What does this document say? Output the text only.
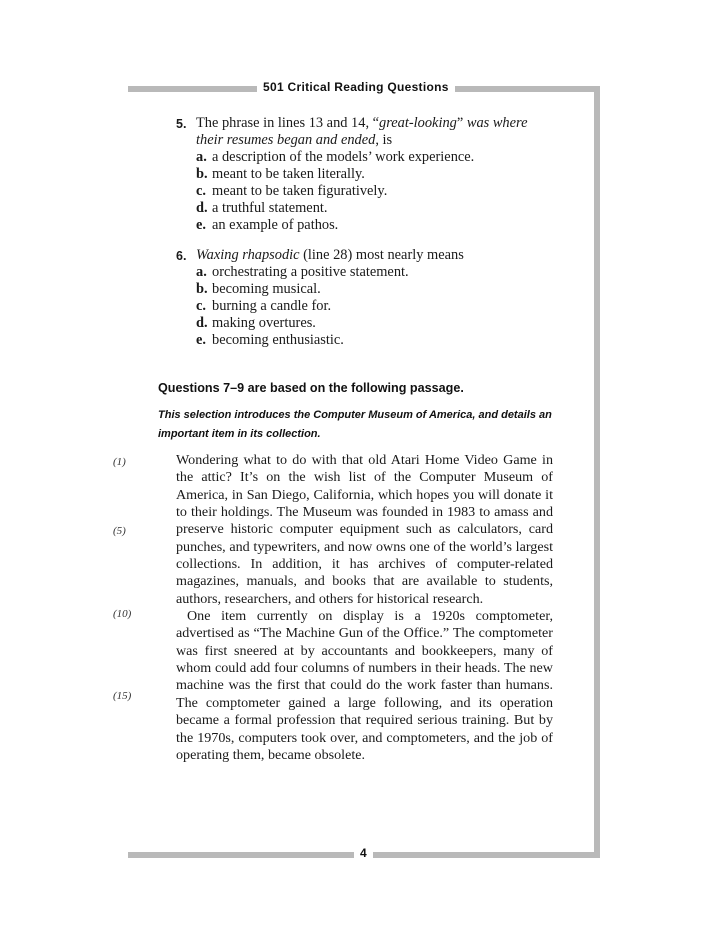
501 Critical Reading Questions
5. The phrase in lines 13 and 14, “great-looking” was where their resumes began and ended, is
a. a description of the models’ work experience.
b. meant to be taken literally.
c. meant to be taken figuratively.
d. a truthful statement.
e. an example of pathos.
6. Waxing rhapsodic (line 28) most nearly means
a. orchestrating a positive statement.
b. becoming musical.
c. burning a candle for.
d. making overtures.
e. becoming enthusiastic.
Questions 7–9 are based on the following passage.
This selection introduces the Computer Museum of America, and details an important item in its collection.
(1)
(5)
(10)
(15)

Wondering what to do with that old Atari Home Video Game in the attic? It’s on the wish list of the Computer Museum of America, in San Diego, California, which hopes you will donate it to their holdings. The Museum was founded in 1983 to amass and preserve historic computer equipment such as calculators, card punches, and typewriters, and now owns one of the world’s largest collections. In addition, it has archives of computer-related magazines, manuals, and books that are available to students, authors, researchers, and others for historical research.

One item currently on display is a 1920s comptometer, advertised as “The Machine Gun of the Office.” The comptometer was first sneered at by accountants and bookkeepers, many of whom could add four columns of numbers in their heads. The new machine was the first that could do the work faster than humans. The comptometer gained a large following, and its operation became a formal profession that required serious training. But by the 1970s, computers took over, and comptometers, and the job of operating them, became obsolete.

4
